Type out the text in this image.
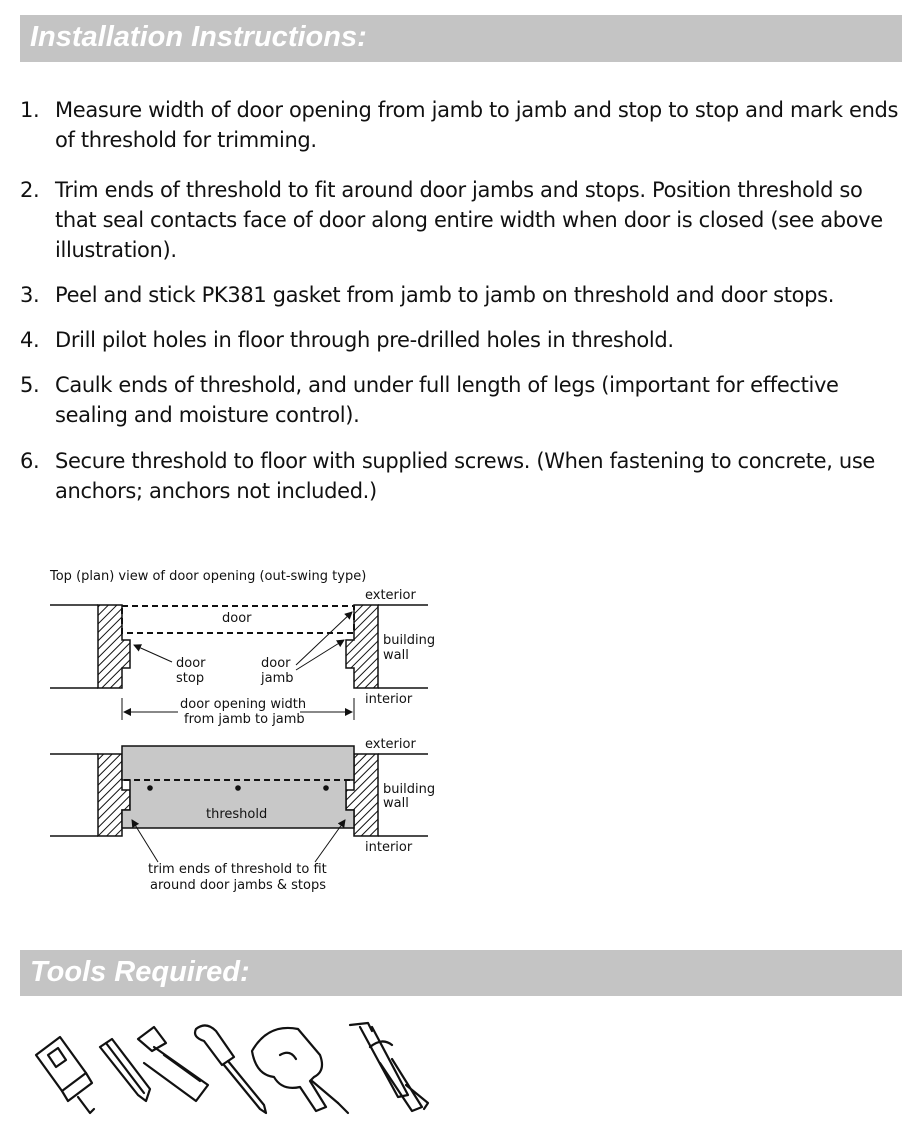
Installation Instructions:
1. Measure width of door opening from jamb to jamb and stop to stop and mark ends of threshold for trimming.
2. Trim ends of threshold to fit around door jambs and stops. Position threshold so that seal contacts face of door along entire width when door is closed (see above illustration).
3. Peel and stick PK381 gasket from jamb to jamb on threshold and door stops.
4. Drill pilot holes in floor through pre-drilled holes in threshold.
5. Caulk ends of threshold, and under full length of legs (important for effective sealing and moisture control).
6. Secure threshold to floor with supplied screws. (When fastening to concrete, use anchors; anchors not included.)
Top (plan) view of door opening (out-swing type)
door
exterior
interior
building
wall
door
stop
door
jamb
door opening width
from jamb to jamb
threshold
exterior
interior
building
wall
trim ends of threshold to fit
around door jambs & stops
Tools Required:
